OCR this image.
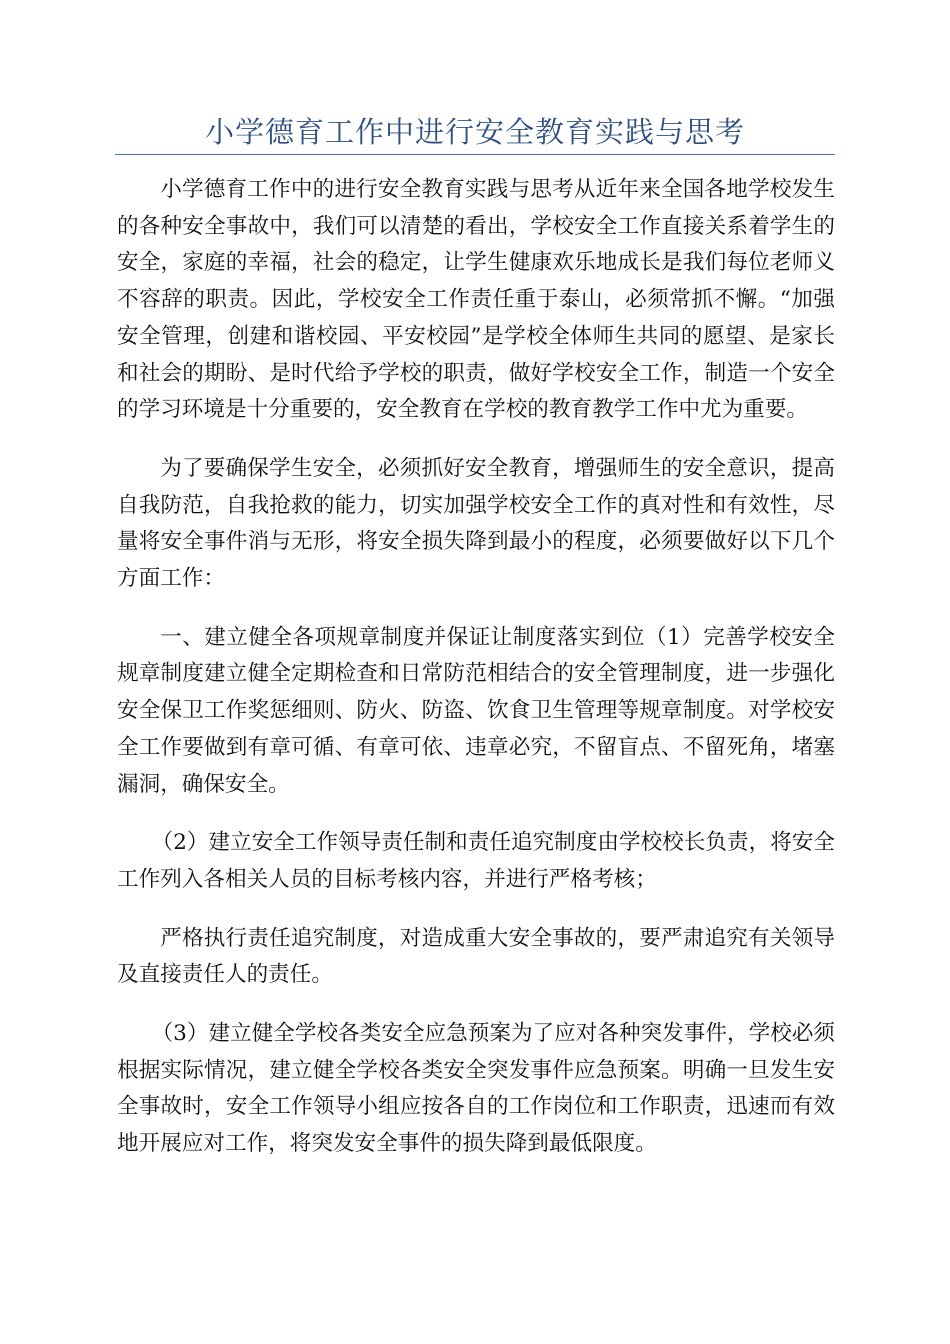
小学德育工作中进行安全教育实践与思考

小学德育工作中的进行安全教育实践与思考从近年来全国各地学校发生的各种安全事故中，我们可以清楚的看出，学校安全工作直接关系着学生的安全，家庭的幸福，社会的稳定，让学生健康欢乐地成长是我们每位老师义不容辞的职责。因此，学校安全工作责任重于泰山，必须常抓不懈。“加强安全管理，创建和谐校园、平安校园”是学校全体师生共同的愿望、是家长和社会的期盼、是时代给予学校的职责，做好学校安全工作，制造一个安全的学习环境是十分重要的，安全教育在学校的教育教学工作中尤为重要。

为了要确保学生安全，必须抓好安全教育，增强师生的安全意识，提高自我防范，自我抢救的能力，切实加强学校安全工作的真对性和有效性，尽量将安全事件消与无形，将安全损失降到最小的程度，必须要做好以下几个方面工作：

一、建立健全各项规章制度并保证让制度落实到位（1）完善学校安全规章制度建立健全定期检查和日常防范相结合的安全管理制度，进一步强化安全保卫工作奖惩细则、防火、防盗、饮食卫生管理等规章制度。对学校安全工作要做到有章可循、有章可依、违章必究，不留盲点、不留死角，堵塞漏洞，确保安全。

（2）建立安全工作领导责任制和责任追究制度由学校校长负责，将安全工作列入各相关人员的目标考核内容，并进行严格考核；

严格执行责任追究制度，对造成重大安全事故的，要严肃追究有关领导及直接责任人的责任。

（3）建立健全学校各类安全应急预案为了应对各种突发事件，学校必须根据实际情况，建立健全学校各类安全突发事件应急预案。明确一旦发生安全事故时，安全工作领导小组应按各自的工作岗位和工作职责，迅速而有效地开展应对工作，将突发安全事件的损失降到最低限度。
